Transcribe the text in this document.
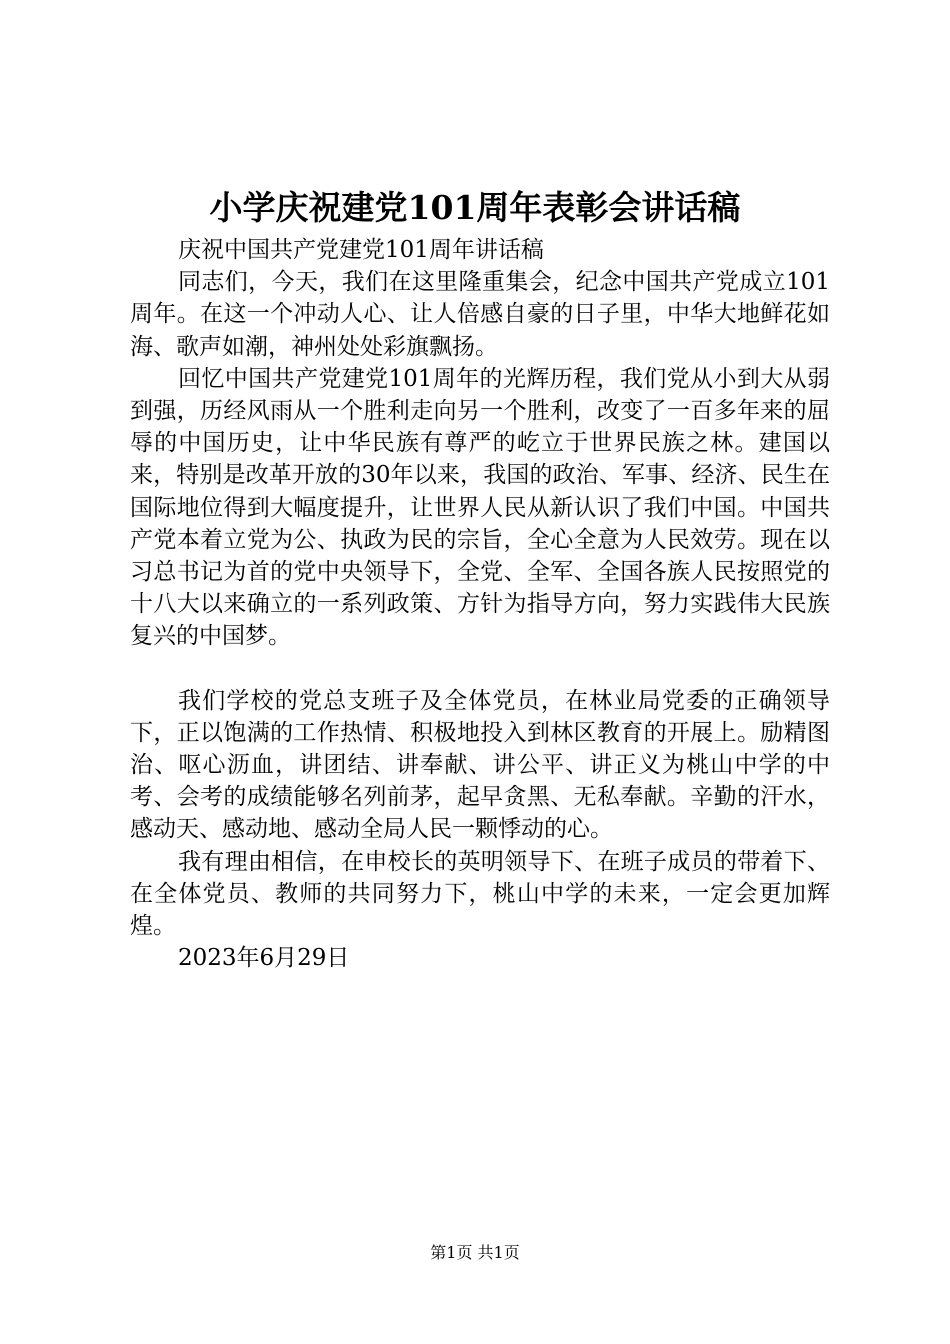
小学庆祝建党101周年表彰会讲话稿

庆祝中国共产党建党101周年讲话稿

同志们，今天，我们在这里隆重集会，纪念中国共产党成立101周年。在这一个冲动人心、让人倍感自豪的日子里，中华大地鲜花如海、歌声如潮，神州处处彩旗飘扬。

回忆中国共产党建党101周年的光辉历程，我们党从小到大从弱到强，历经风雨从一个胜利走向另一个胜利，改变了一百多年来的屈辱的中国历史，让中华民族有尊严的屹立于世界民族之林。建国以来，特别是改革开放的30年以来，我国的政治、军事、经济、民生在国际地位得到大幅度提升，让世界人民从新认识了我们中国。中国共产党本着立党为公、执政为民的宗旨，全心全意为人民效劳。现在以习总书记为首的党中央领导下，全党、全军、全国各族人民按照党的十八大以来确立的一系列政策、方针为指导方向，努力实践伟大民族复兴的中国梦。

我们学校的党总支班子及全体党员，在林业局党委的正确领导下，正以饱满的工作热情、积极地投入到林区教育的开展上。励精图治、呕心沥血，讲团结、讲奉献、讲公平、讲正义为桃山中学的中考、会考的成绩能够名列前茅，起早贪黑、无私奉献。辛勤的汗水，感动天、感动地、感动全局人民一颗悸动的心。

我有理由相信，在申校长的英明领导下、在班子成员的带着下、在全体党员、教师的共同努力下，桃山中学的未来，一定会更加辉煌。

2023年6月29日

第1页 共1页
